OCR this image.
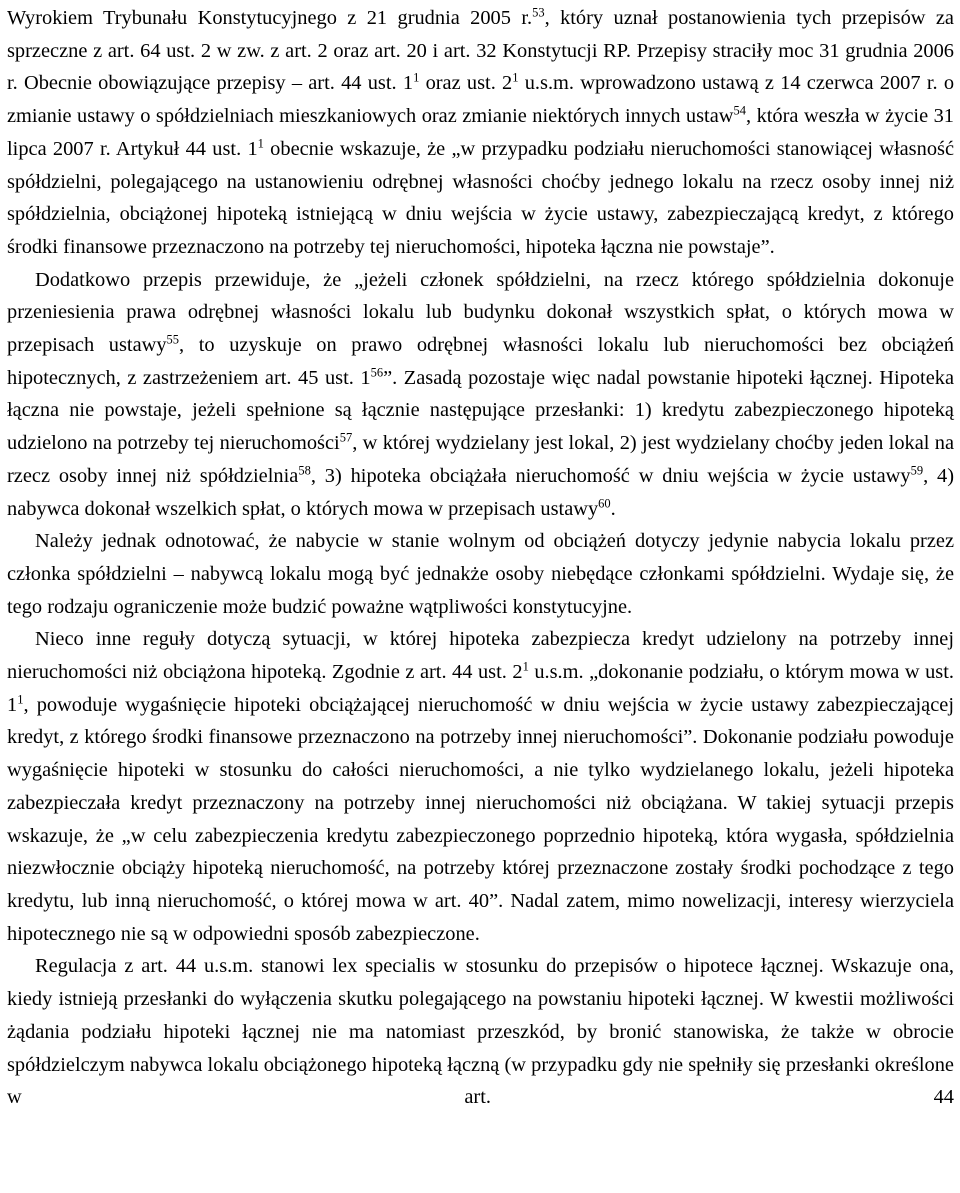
Wyrokiem Trybunału Konstytucyjnego z 21 grudnia 2005 r.$^{53}$, który uznał postanowienia tych przepisów za sprzeczne z art. 64 ust. 2 w zw. z art. 2 oraz art. 20 i art. 32 Konstytucji RP. Przepisy straciły moc 31 grudnia 2006 r. Obecnie obowiązujące przepisy – art. 44 ust. $1^1$ oraz ust. $2^1$ u.s.m. wprowadzono ustawą z 14 czerwca 2007 r. o zmianie ustawy o spółdzielniach mieszkaniowych oraz zmianie niektórych innych ustaw$^{54}$, która weszła w życie 31 lipca 2007 r. Artykuł 44 ust. $1^1$ obecnie wskazuje, że „w przypadku podziału nieruchomości stanowiącej własność spółdzielni, polegającego na ustanowieniu odrębnej własności choćby jednego lokalu na rzecz osoby innej niż spółdzielnia, obciążonej hipoteką istniejącą w dniu wejścia w życie ustawy, zabezpieczającą kredyt, z którego środki finansowe przeznaczono na potrzeby tej nieruchomości, hipoteka łączna nie powstaje”.

Dodatkowo przepis przewiduje, że „jeżeli członek spółdzielni, na rzecz którego spółdzielnia dokonuje przeniesienia prawa odrębnej własności lokalu lub budynku dokonał wszystkich spłat, o których mowa w przepisach ustawy$^{55}$, to uzyskuje on prawo odrębnej własności lokalu lub nieruchomości bez obciążeń hipotecznych, z zastrzeżeniem art. 45 ust. $1^{56}$”. Zasadą pozostaje więc nadal powstanie hipoteki łącznej. Hipoteka łączna nie powstaje, jeżeli spełnione są łącznie następujące przesłanki: 1) kredytu zabezpieczonego hipoteką udzielono na potrzeby tej nieruchomości$^{57}$, w której wydzielany jest lokal, 2) jest wydzielany choćby jeden lokal na rzecz osoby innej niż spółdzielnia$^{58}$, 3) hipoteka obciążała nieruchomość w dniu wejścia w życie ustawy$^{59}$, 4) nabywca dokonał wszelkich spłat, o których mowa w przepisach ustawy$^{60}$.

Należy jednak odnotować, że nabycie w stanie wolnym od obciążeń dotyczy jedynie nabycia lokalu przez członka spółdzielni – nabywcą lokalu mogą być jednakże osoby niebędące członkami spółdzielni. Wydaje się, że tego rodzaju ograniczenie może budzić poważne wątpliwości konstytucyjne.

Nieco inne reguły dotyczą sytuacji, w której hipoteka zabezpiecza kredyt udzielony na potrzeby innej nieruchomości niż obciążona hipoteką. Zgodnie z art. 44 ust. $2^1$ u.s.m. „dokonanie podziału, o którym mowa w ust. $1^1$, powoduje wygaśnięcie hipoteki obciążającej nieruchomość w dniu wejścia w życie ustawy zabezpieczającej kredyt, z którego środki finansowe przeznaczono na potrzeby innej nieruchomości”. Dokonanie podziału powoduje wygaśnięcie hipoteki w stosunku do całości nieruchomości, a nie tylko wydzielanego lokalu, jeżeli hipoteka zabezpieczała kredyt przeznaczony na potrzeby innej nieruchomości niż obciążana. W takiej sytuacji przepis wskazuje, że „w celu zabezpieczenia kredytu zabezpieczonego poprzednio hipoteką, która wygasła, spółdzielnia niezwłocznie obciąży hipoteką nieruchomość, na potrzeby której przeznaczone zostały środki pochodzące z tego kredytu, lub inną nieruchomość, o której mowa w art. 40”. Nadal zatem, mimo nowelizacji, interesy wierzyciela hipotecznego nie są w odpowiedni sposób zabezpieczone.

Regulacja z art. 44 u.s.m. stanowi lex specialis w stosunku do przepisów o hipotece łącznej. Wskazuje ona, kiedy istnieją przesłanki do wyłączenia skutku polegającego na powstaniu hipoteki łącznej. W kwestii możliwości żądania podziału hipoteki łącznej nie ma natomiast przeszkód, by bronić stanowiska, że także w obrocie spółdzielczym nabywca lokalu obciążonego hipoteką łączną (w przypadku gdy nie spełniły się przesłanki określone w art. 44
